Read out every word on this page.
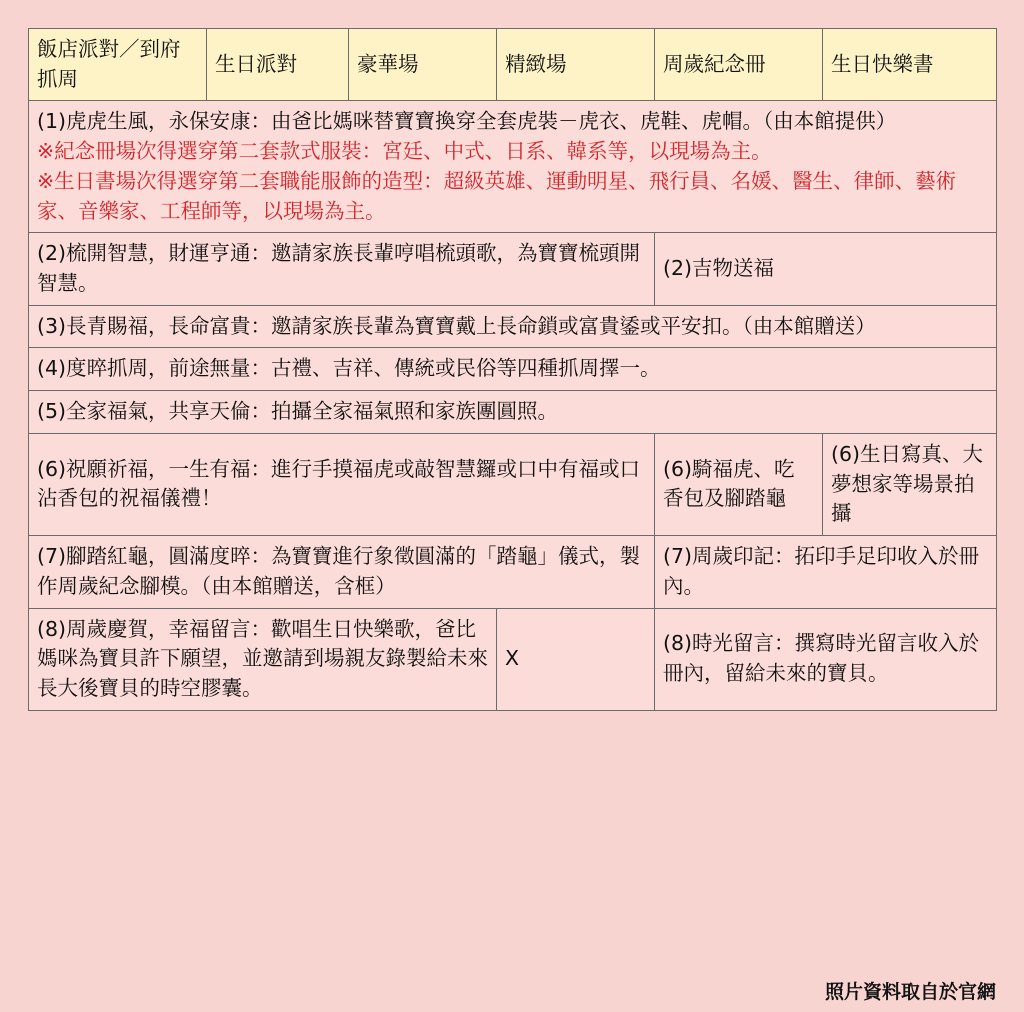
飯店派對／到府抓周	生日派對	豪華場	精緻場	周歲紀念冊	生日快樂書

(1)虎虎生風，永保安康：由爸比媽咪替寶寶換穿全套虎裝－虎衣、虎鞋、虎帽。（由本館提供）
※紀念冊場次得選穿第二套款式服裝：宮廷、中式、日系、韓系等，以現場為主。
※生日書場次得選穿第二套職能服飾的造型：超級英雄、運動明星、飛行員、名媛、醫生、律師、藝術家、音樂家、工程師等，以現場為主。					

(2)梳開智慧，財運亨通：邀請家族長輩哼唱梳頭歌，為寶寶梳頭開智慧。				(2)吉物送福	
(3)長青賜福，長命富貴：邀請家族長輩為寶寶戴上長命鎖或富貴鋈或平安扣。（由本館贈送）					
(4)度晬抓周，前途無量：古禮、吉祥、傳統或民俗等四種抓周擇一。					
(5)全家福氣，共享天倫：拍攝全家福氣照和家族團圓照。					
(6)祝願祈福，一生有福：進行手摸福虎或敲智慧鑼或口中有福或口沾香包的祝福儀禮！				(6)騎福虎、吃香包及腳踏龜	(6)生日寫真、大夢想家等場景拍攝
(7)腳踏紅龜，圓滿度晬：為寶寶進行象徵圓滿的「踏龜」儀式，製作周歲紀念腳模。（由本館贈送，含框）				(7)周歲印記：拓印手足印收入於冊內。	
(8)周歲慶賀，幸福留言：歡唱生日快樂歌，爸比媽咪為寶貝許下願望，並邀請到場親友錄製給未來長大後寶貝的時空膠囊。			X	(8)時光留言：撰寫時光留言收入於冊內，留給未來的寶貝。	
照片資料取自於官網
